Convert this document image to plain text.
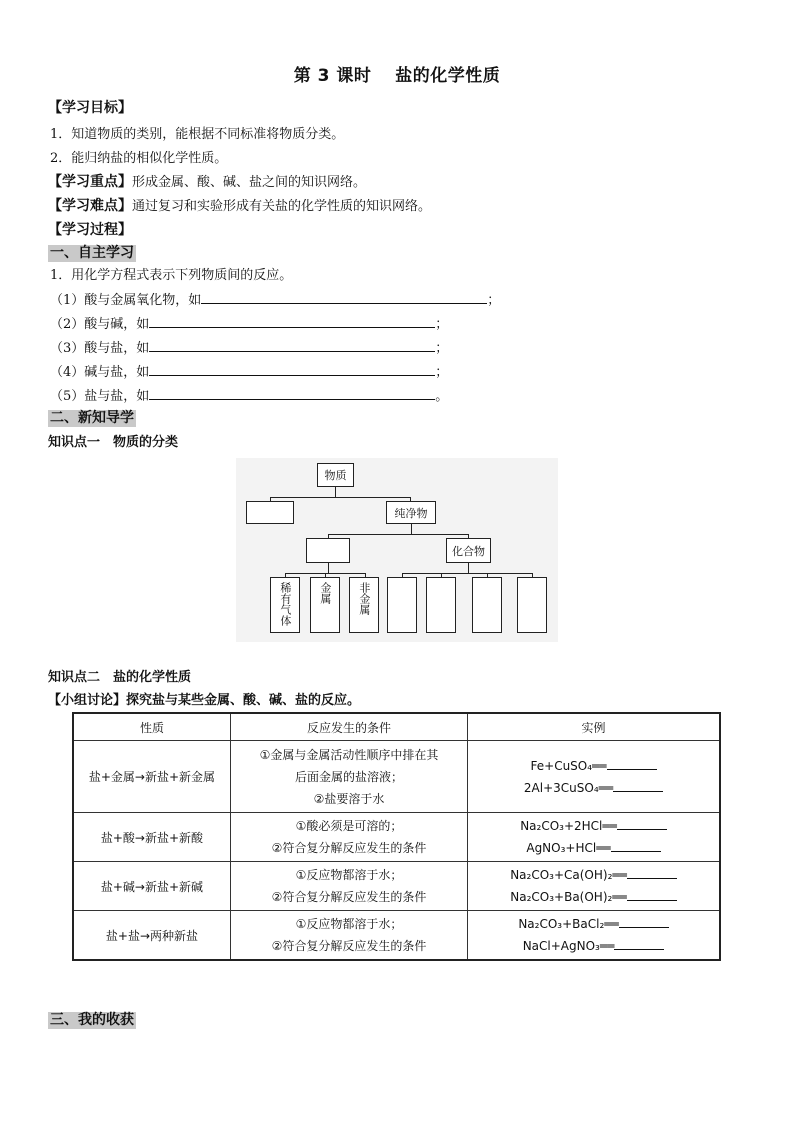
第 3 课时　 盐的化学性质
【学习目标】
1．知道物质的类别，能根据不同标准将物质分类。
2．能归纳盐的相似化学性质。
【学习重点】形成金属、酸、碱、盐之间的知识网络。
【学习难点】通过复习和实验形成有关盐的化学性质的知识网络。
【学习过程】
一、自主学习
1．用化学方程式表示下列物质间的反应。
（1）酸与金属氧化物，如	；
（2）酸与碱，如	；
（3）酸与盐，如	；
（4）碱与盐，如	；
（5）盐与盐，如	。
二、新知导学
知识点一　物质的分类
物质
纯净物
化合物
稀有气体 金属 非金属
知识点二　盐的化学性质
【小组讨论】探究盐与某些金属、酸、碱、盐的反应。
性质	反应发生的条件	实例
盐+金属→新盐+新金属	①金属与金属活动性顺序中排在其
后面金属的盐溶液；
②盐要溶于水	Fe+CuSO₄══
2Al+3CuSO₄══

盐+酸→新盐+新酸	①酸必须是可溶的；
②符合复分解反应发生的条件	Na₂CO₃+2HCl══
AgNO₃+HCl══

盐+碱→新盐+新碱	①反应物都溶于水；
②符合复分解反应发生的条件	Na₂CO₃+Ca(OH)₂══
Na₂CO₃+Ba(OH)₂══

盐+盐→两种新盐	①反应物都溶于水；
②符合复分解反应发生的条件	Na₂CO₃+BaCl₂══
NaCl+AgNO₃══
三、我的收获
